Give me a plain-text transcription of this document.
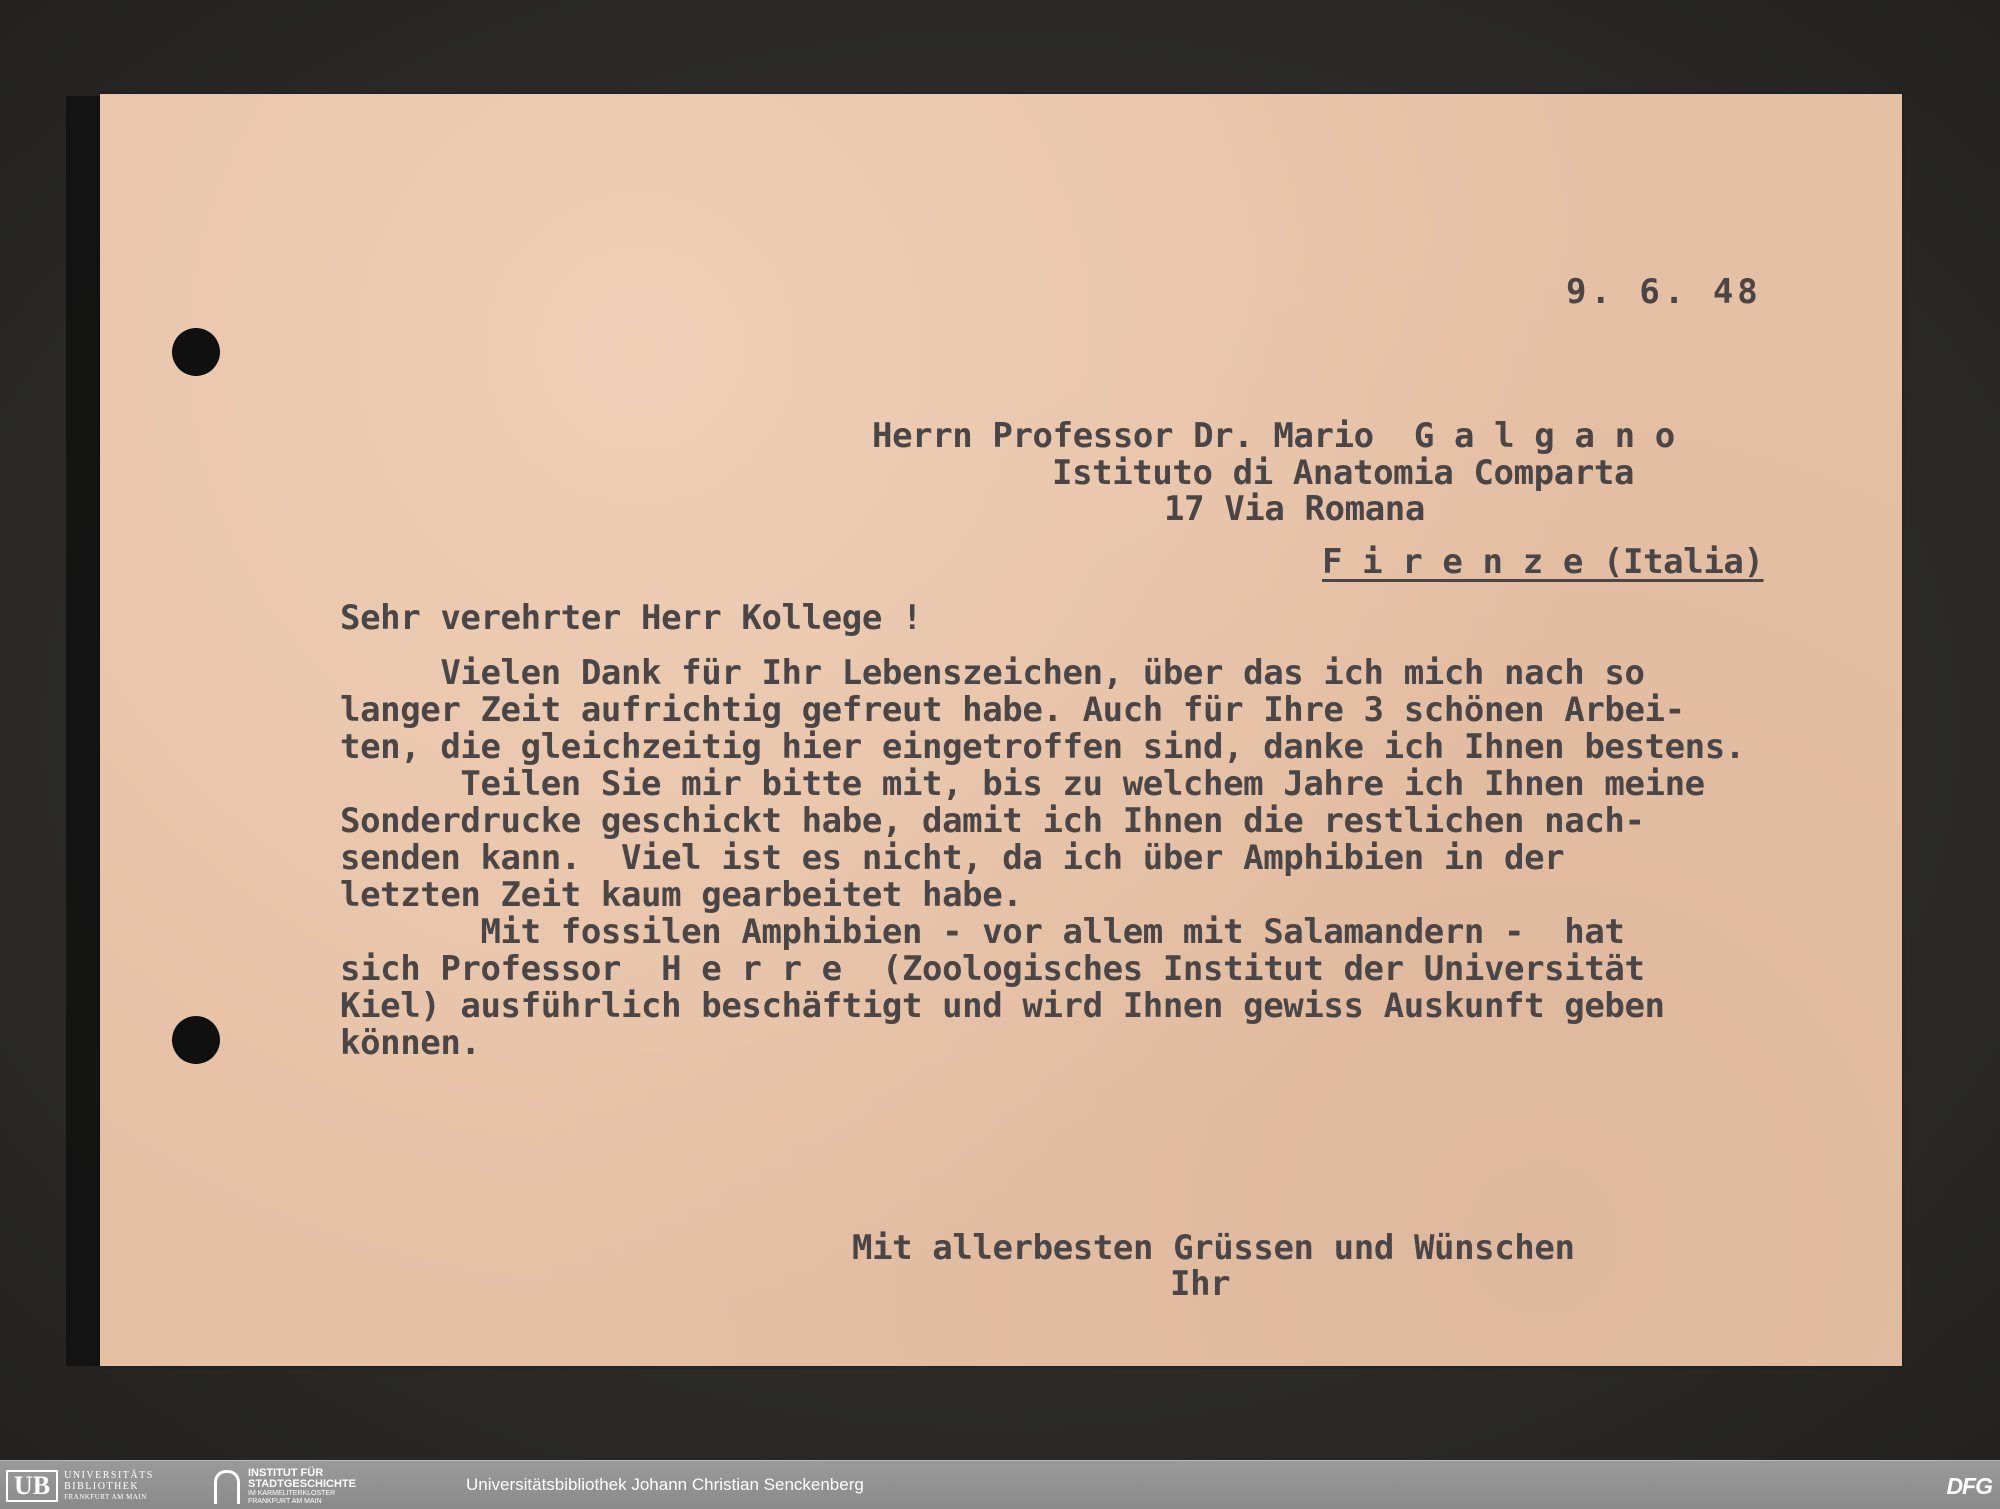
9. 6. 48
Herrn Professor Dr. Mario  G a l g a n o
Istituto di Anatomia Comparta
17 Via Romana
F i r e n z e (Italia)
Sehr verehrter Herr Kollege !
Vielen Dank für Ihr Lebenszeichen, über das ich mich nach so
langer Zeit aufrichtig gefreut habe. Auch für Ihre 3 schönen Arbei-
ten, die gleichzeitig hier eingetroffen sind, danke ich Ihnen bestens.
Teilen Sie mir bitte mit, bis zu welchem Jahre ich Ihnen meine
Sonderdrucke geschickt habe, damit ich Ihnen die restlichen nach-
senden kann.  Viel ist es nicht, da ich über Amphibien in der
letzten Zeit kaum gearbeitet habe.
Mit fossilen Amphibien - vor allem mit Salamandern -  hat
sich Professor  H e r r e  (Zoologisches Institut der Universität
Kiel) ausführlich beschäftigt und wird Ihnen gewiss Auskunft geben
können.
Mit allerbesten Grüssen und Wünschen
Ihr
UB	UNIVERSITÄTS
BIBLIOTHEK
FRANKFURT AM MAIN
INSTITUT FÜR
STADTGESCHICHTE
IM KARMELITERKLOSTER
FRANKFURT AM MAIN
Universitätsbibliothek Johann Christian Senckenberg	DFG
